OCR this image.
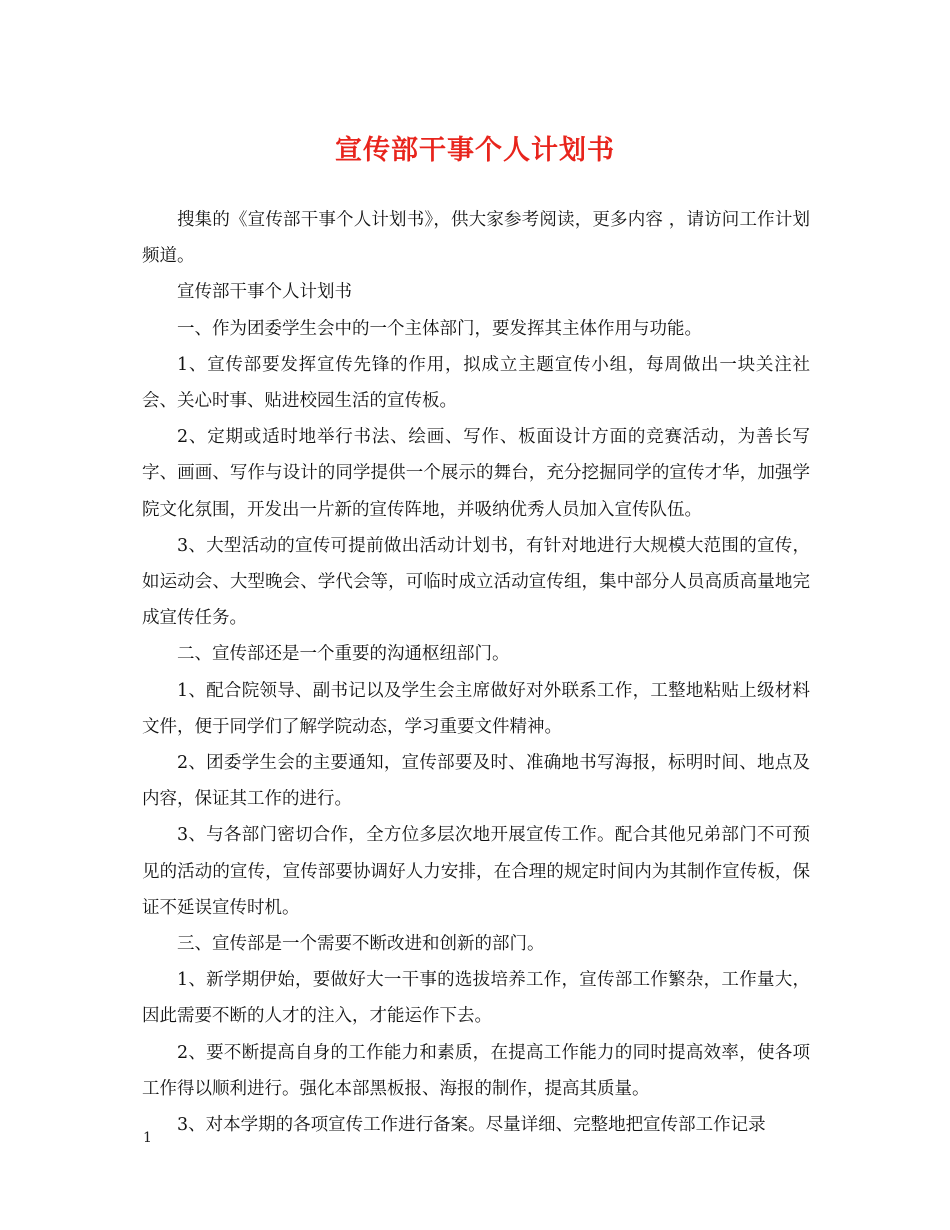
宣传部干事个人计划书

搜集的《宣传部干事个人计划书》，供大家参考阅读，更多内容 ，请访问工作计划频道。

宣传部干事个人计划书

一、作为团委学生会中的一个主体部门，要发挥其主体作用与功能。

1、宣传部要发挥宣传先锋的作用，拟成立主题宣传小组，每周做出一块关注社会、关心时事、贴进校园生活的宣传板。

2、定期或适时地举行书法、绘画、写作、板面设计方面的竞赛活动，为善长写字、画画、写作与设计的同学提供一个展示的舞台，充分挖掘同学的宣传才华，加强学院文化氛围，开发出一片新的宣传阵地，并吸纳优秀人员加入宣传队伍。

3、大型活动的宣传可提前做出活动计划书，有针对地进行大规模大范围的宣传，如运动会、大型晚会、学代会等，可临时成立活动宣传组，集中部分人员高质高量地完成宣传任务。

二、宣传部还是一个重要的沟通枢纽部门。

1、配合院领导、副书记以及学生会主席做好对外联系工作，工整地粘贴上级材料文件，便于同学们了解学院动态，学习重要文件精神。

2、团委学生会的主要通知，宣传部要及时、准确地书写海报，标明时间、地点及内容，保证其工作的进行。

3、与各部门密切合作，全方位多层次地开展宣传工作。配合其他兄弟部门不可预见的活动的宣传，宣传部要协调好人力安排，在合理的规定时间内为其制作宣传板，保证不延误宣传时机。

三、宣传部是一个需要不断改进和创新的部门。

1、新学期伊始，要做好大一干事的选拔培养工作，宣传部工作繁杂，工作量大，因此需要不断的人才的注入，才能运作下去。

2、要不断提高自身的工作能力和素质，在提高工作能力的同时提高效率，使各项工作得以顺利进行。强化本部黑板报、海报的制作，提高其质量。

3、对本学期的各项宣传工作进行备案。尽量详细、完整地把宣传部工作记录

1
